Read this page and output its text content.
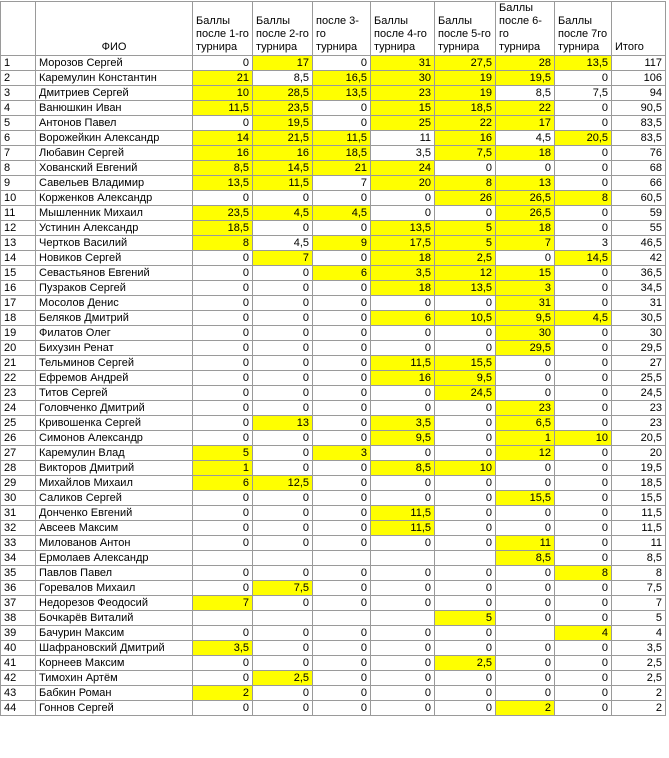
	ФИО	Баллы после 1-го турнира	Баллы после 2-го турнира	после 3-го турнира	Баллы после 4-го турнира	Баллы после 5-го турнира	Баллы после 6-го турнира	Баллы после 7го турнира	Итого
1	Морозов Сергей	0	17	0	31	27,5	28	13,5	117
2	Каремулин Константин	21	8,5	16,5	30	19	19,5	0	106
3	Дмитриев Сергей	10	28,5	13,5	23	19	8,5	7,5	94
4	Ванюшкин Иван	11,5	23,5	0	15	18,5	22	0	90,5
5	Антонов Павел	0	19,5	0	25	22	17	0	83,5
6	Ворожейкин Александр	14	21,5	11,5	11	16	4,5	20,5	83,5
7	Любавин Сергей	16	16	18,5	3,5	7,5	18	0	76
8	Хованский Евгений	8,5	14,5	21	24	0	0	0	68
9	Савельев Владимир	13,5	11,5	7	20	8	13	0	66
10	Корженков Александр	0	0	0	0	26	26,5	8	60,5
11	Мышленник Михаил	23,5	4,5	4,5	0	0	26,5	0	59
12	Устинин Александр	18,5	0	0	13,5	5	18	0	55
13	Чертков Василий	8	4,5	9	17,5	5	7	3	46,5
14	Новиков Сергей	0	7	0	18	2,5	0	14,5	42
15	Севастьянов Евгений	0	0	6	3,5	12	15	0	36,5
16	Пузраков Сергей	0	0	0	18	13,5	3	0	34,5
17	Мосолов Денис	0	0	0	0	0	31	0	31
18	Беляков Дмитрий	0	0	0	6	10,5	9,5	4,5	30,5
19	Филатов Олег	0	0	0	0	0	30	0	30
20	Бихузин Ренат	0	0	0	0	0	29,5	0	29,5
21	Тельминов Сергей	0	0	0	11,5	15,5	0	0	27
22	Ефремов Андрей	0	0	0	16	9,5	0	0	25,5
23	Титов Сергей	0	0	0	0	24,5	0	0	24,5
24	Головченко Дмитрий	0	0	0	0	0	23	0	23
25	Кривошенка Сергей	0	13	0	3,5	0	6,5	0	23
26	Симонов Александр	0	0	0	9,5	0	1	10	20,5
27	Каремулин Влад	5	0	3	0	0	12	0	20
28	Викторов Дмитрий	1	0	0	8,5	10	0	0	19,5
29	Михайлов Михаил	6	12,5	0	0	0	0	0	18,5
30	Саликов Сергей	0	0	0	0	0	15,5	0	15,5
31	Донченко Евгений	0	0	0	11,5	0	0	0	11,5
32	Авсеев Максим	0	0	0	11,5	0	0	0	11,5
33	Милованов Антон	0	0	0	0	0	11	0	11
34	Ермолаев Александр						8,5	0	8,5
35	Павлов Павел	0	0	0	0	0	0	8	8
36	Горевалов Михаил	0	7,5	0	0	0	0	0	7,5
37	Недорезов Феодосий	7	0	0	0	0	0	0	7
38	Бочкарёв Виталий					5	0	0	5
39	Бачурин Максим	0	0	0	0	0		4	4
40	Шафрановский Дмитрий	3,5	0	0	0	0	0	0	3,5
41	Корнеев Максим	0	0	0	0	2,5	0	0	2,5
42	Тимохин Артём	0	2,5	0	0	0	0	0	2,5
43	Бабкин Роман	2	0	0	0	0	0	0	2
44	Гоннов Сергей	0	0	0	0	0	2	0	2
